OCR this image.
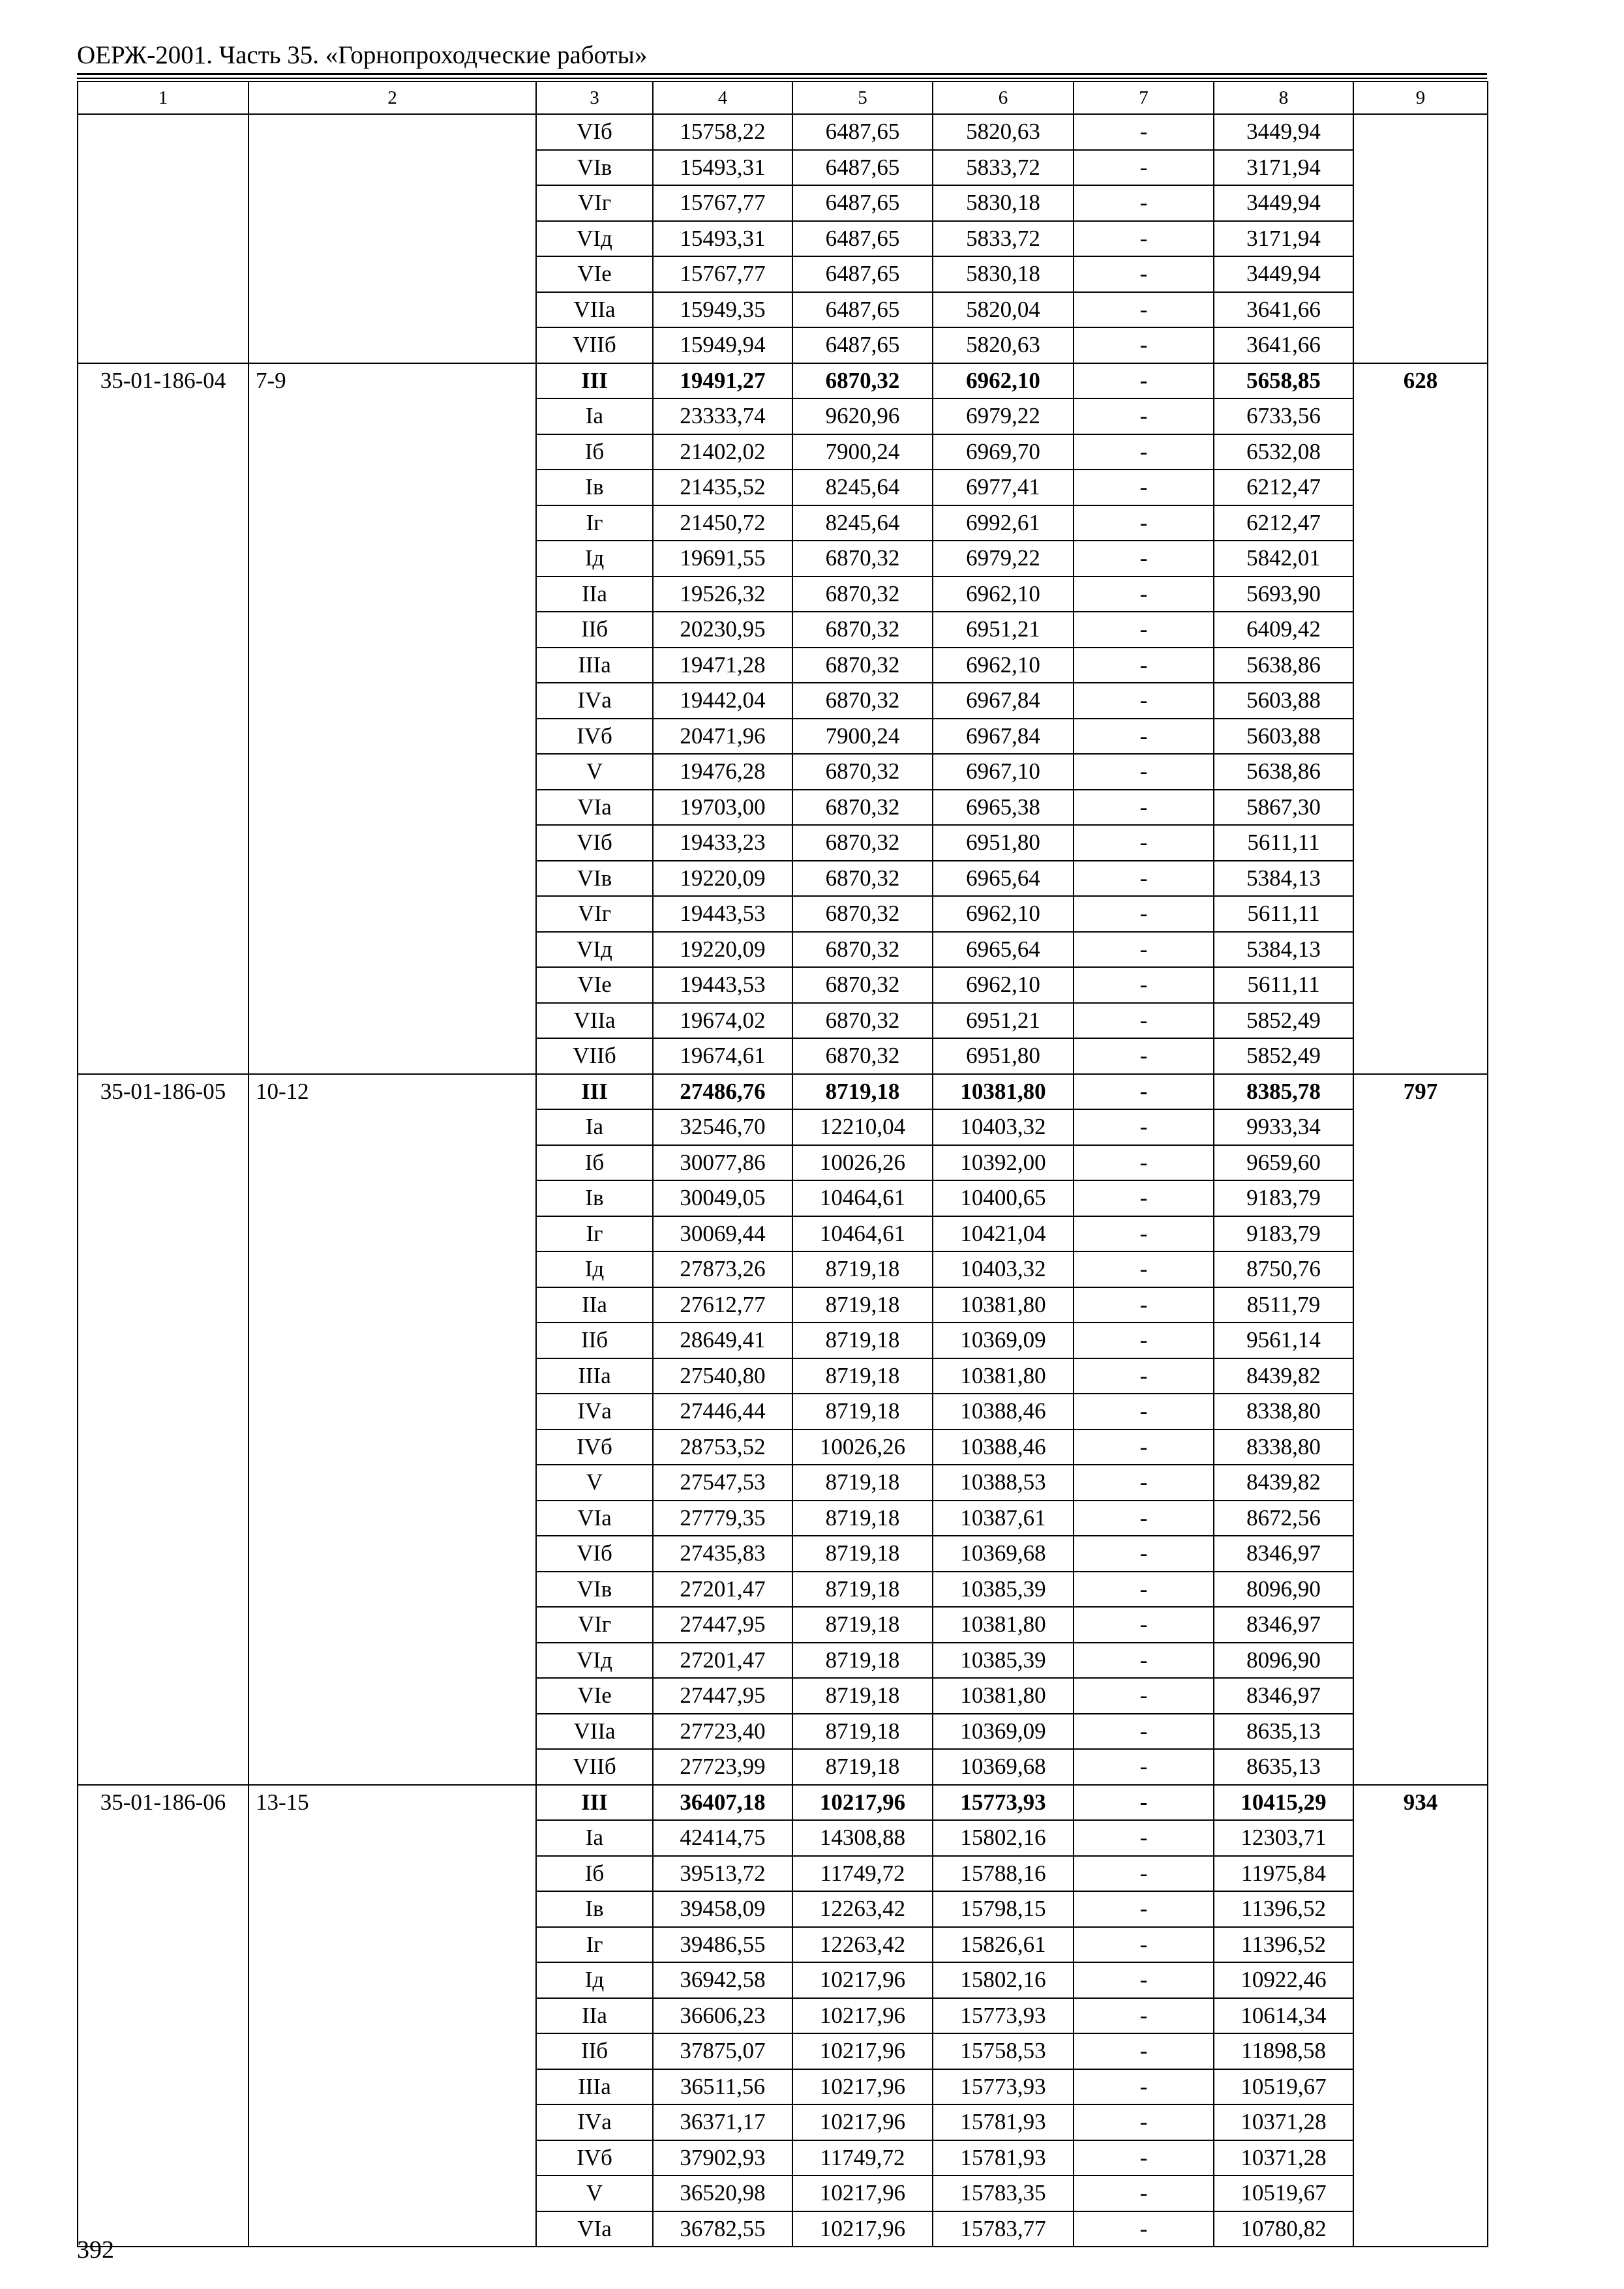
ОЕРЖ-2001. Часть 35. «Горнопроходческие работы»
1	2	3	4	5	6	7	8	9
		VIб	15758,22	6487,65	5820,63	-	3449,94	
		VIв	15493,31	6487,65	5833,72	-	3171,94	
		VIг	15767,77	6487,65	5830,18	-	3449,94	
		VIд	15493,31	6487,65	5833,72	-	3171,94	
		VIе	15767,77	6487,65	5830,18	-	3449,94	
		VIIа	15949,35	6487,65	5820,04	-	3641,66	
		VIIб	15949,94	6487,65	5820,63	-	3641,66	
35-01-186-04	7-9	III	19491,27	6870,32	6962,10	-	5658,85	628
		Iа	23333,74	9620,96	6979,22	-	6733,56	
		Iб	21402,02	7900,24	6969,70	-	6532,08	
		Iв	21435,52	8245,64	6977,41	-	6212,47	
		Iг	21450,72	8245,64	6992,61	-	6212,47	
		Iд	19691,55	6870,32	6979,22	-	5842,01	
		IIа	19526,32	6870,32	6962,10	-	5693,90	
		IIб	20230,95	6870,32	6951,21	-	6409,42	
		IIIа	19471,28	6870,32	6962,10	-	5638,86	
		IVа	19442,04	6870,32	6967,84	-	5603,88	
		IVб	20471,96	7900,24	6967,84	-	5603,88	
		V	19476,28	6870,32	6967,10	-	5638,86	
		VIа	19703,00	6870,32	6965,38	-	5867,30	
		VIб	19433,23	6870,32	6951,80	-	5611,11	
		VIв	19220,09	6870,32	6965,64	-	5384,13	
		VIг	19443,53	6870,32	6962,10	-	5611,11	
		VIд	19220,09	6870,32	6965,64	-	5384,13	
		VIе	19443,53	6870,32	6962,10	-	5611,11	
		VIIа	19674,02	6870,32	6951,21	-	5852,49	
		VIIб	19674,61	6870,32	6951,80	-	5852,49	
35-01-186-05	10-12	III	27486,76	8719,18	10381,80	-	8385,78	797
		Iа	32546,70	12210,04	10403,32	-	9933,34	
		Iб	30077,86	10026,26	10392,00	-	9659,60	
		Iв	30049,05	10464,61	10400,65	-	9183,79	
		Iг	30069,44	10464,61	10421,04	-	9183,79	
		Iд	27873,26	8719,18	10403,32	-	8750,76	
		IIа	27612,77	8719,18	10381,80	-	8511,79	
		IIб	28649,41	8719,18	10369,09	-	9561,14	
		IIIа	27540,80	8719,18	10381,80	-	8439,82	
		IVа	27446,44	8719,18	10388,46	-	8338,80	
		IVб	28753,52	10026,26	10388,46	-	8338,80	
		V	27547,53	8719,18	10388,53	-	8439,82	
		VIа	27779,35	8719,18	10387,61	-	8672,56	
		VIб	27435,83	8719,18	10369,68	-	8346,97	
		VIв	27201,47	8719,18	10385,39	-	8096,90	
		VIг	27447,95	8719,18	10381,80	-	8346,97	
		VIд	27201,47	8719,18	10385,39	-	8096,90	
		VIе	27447,95	8719,18	10381,80	-	8346,97	
		VIIа	27723,40	8719,18	10369,09	-	8635,13	
		VIIб	27723,99	8719,18	10369,68	-	8635,13	
35-01-186-06	13-15	III	36407,18	10217,96	15773,93	-	10415,29	934
		Iа	42414,75	14308,88	15802,16	-	12303,71	
		Iб	39513,72	11749,72	15788,16	-	11975,84	
		Iв	39458,09	12263,42	15798,15	-	11396,52	
		Iг	39486,55	12263,42	15826,61	-	11396,52	
		Iд	36942,58	10217,96	15802,16	-	10922,46	
		IIа	36606,23	10217,96	15773,93	-	10614,34	
		IIб	37875,07	10217,96	15758,53	-	11898,58	
		IIIа	36511,56	10217,96	15773,93	-	10519,67	
		IVа	36371,17	10217,96	15781,93	-	10371,28	
		IVб	37902,93	11749,72	15781,93	-	10371,28	
		V	36520,98	10217,96	15783,35	-	10519,67	
		VIа	36782,55	10217,96	15783,77	-	10780,82	
392
